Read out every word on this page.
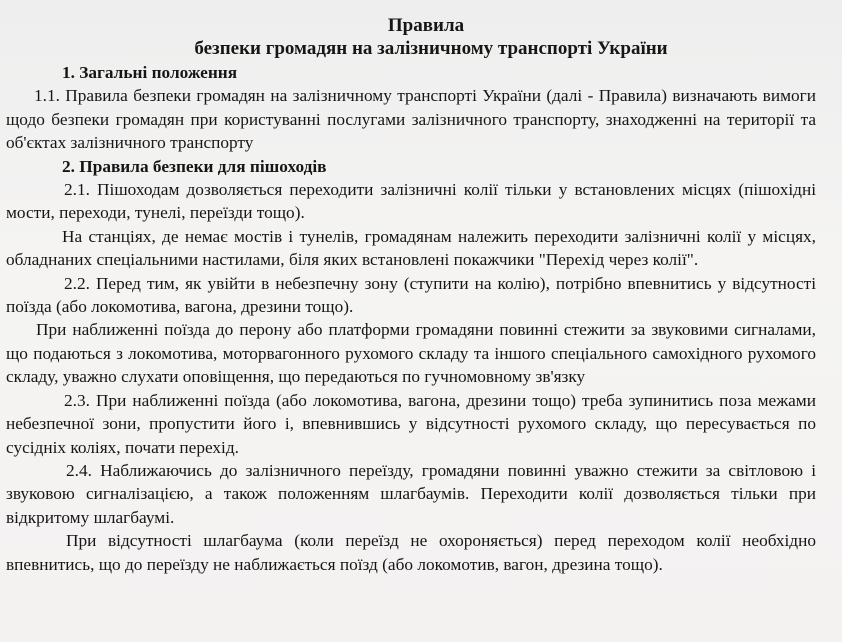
Правила
безпеки громадян на залізничному транспорті України
1. Загальні положення

1.1. Правила безпеки громадян на залізничному транспорті України (далі - Правила) визначають вимоги щодо безпеки громадян при користуванні послугами залізничного транспорту, знаходженні на території та об'єктах залізничного транспорту

2. Правила безпеки для пішоходів

2.1. Пішоходам дозволяється переходити залізничні колії тільки у встановлених місцях (пішохідні мости, переходи, тунелі, переїзди тощо).

На станціях, де немає мостів і тунелів, громадянам належить переходити залізничні колії у місцях, обладнаних спеціальними настилами, біля яких встановлені покажчики "Перехід через колії".

2.2. Перед тим, як увійти в небезпечну зону (ступити на колію), потрібно впевнитись у відсутності поїзда (або локомотива, вагона, дрезини тощо).

При наближенні поїзда до перону або платформи громадяни повинні стежити за звуковими сигналами, що подаються з локомотива, моторвагонного рухомого складу та іншого спеціального самохідного рухомого складу, уважно слухати оповіщення, що передаються по гучномовному зв'язку

2.3. При наближенні поїзда (або локомотива, вагона, дрезини тощо) треба зупинитись поза межами небезпечної зони, пропустити його і, впевнившись у відсутності рухомого складу, що пересувається по сусідніх коліях, почати перехід.

2.4. Наближаючись до залізничного переїзду, громадяни повинні уважно стежити за світловою і звуковою сигналізацією, а також положенням шлагбаумів. Переходити колії дозволяється тільки при відкритому шлагбаумі.

При відсутності шлагбаума (коли переїзд не охороняється) перед переходом колії необхідно впевнитись, що до переїзду не наближається поїзд (або локомотив, вагон, дрезина тощо).
